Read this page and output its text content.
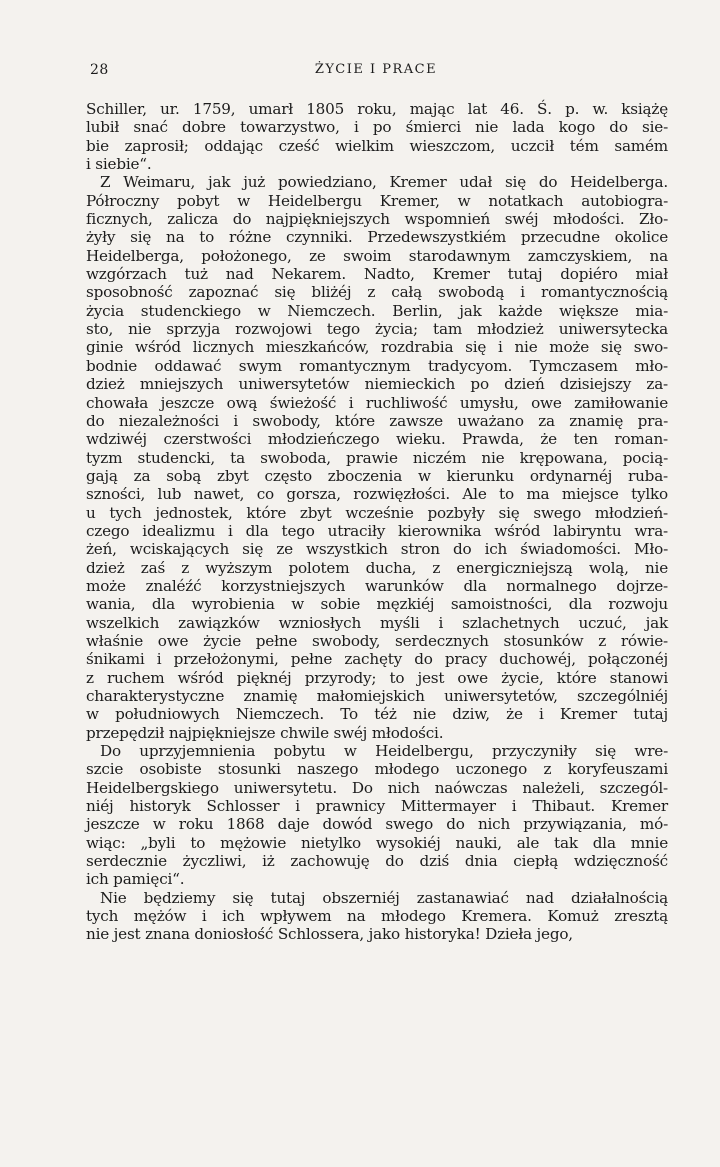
28	ŻYCIE I PRACE
Schiller, ur. 1759, umarł 1805 roku, mając lat 46. Ś. p. w. książę
lubił snać dobre towarzystwo, i po śmierci nie lada kogo do sie-
bie zaprosił; oddając cześć wielkim wieszczom, uczcił tém samém
i siebie“.
Z Weimaru, jak już powiedziano, Kremer udał się do Heidelberga.
Półroczny pobyt w Heidelbergu Kremer, w notatkach autobiogra-
ficznych, zalicza do najpiękniejszych wspomnień swéj młodości. Zło-
żyły się na to różne czynniki. Przedewszystkiém przecudne okolice
Heidelberga, położonego, ze swoim starodawnym zamczyskiem, na
wzgórzach tuż nad Nekarem. Nadto, Kremer tutaj dopiéro miał
sposobność zapoznać się bliżéj z całą swobodą i romantycznością
życia studenckiego w Niemczech. Berlin, jak każde większe mia-
sto, nie sprzyja rozwojowi tego życia; tam młodzież uniwersytecka
ginie wśród licznych mieszkańców, rozdrabia się i nie może się swo-
bodnie oddawać swym romantycznym tradycyom. Tymczasem mło-
dzież mniejszych uniwersytetów niemieckich po dzień dzisiejszy za-
chowała jeszcze ową świeżość i ruchliwość umysłu, owe zamiłowanie
do niezależności i swobody, które zawsze uważano za znamię pra-
wdziwéj czerstwości młodzieńczego wieku. Prawda, że ten roman-
tyzm studencki, ta swoboda, prawie niczém nie krępowana, pocią-
gają za sobą zbyt często zboczenia w kierunku ordynarnéj ruba-
szności, lub nawet, co gorsza, rozwięzłości. Ale to ma miejsce tylko
u tych jednostek, które zbyt wcześnie pozbyły się swego młodzień-
czego idealizmu i dla tego utraciły kierownika wśród labiryntu wra-
żeń, wciskających się ze wszystkich stron do ich świadomości. Mło-
dzież zaś z wyższym polotem ducha, z energiczniejszą wolą, nie
może znaléźć korzystniejszych warunków dla normalnego dojrze-
wania, dla wyrobienia w sobie męzkiéj samoistności, dla rozwoju
wszelkich zawiązków wzniosłych myśli i szlachetnych uczuć, jak
właśnie owe życie pełne swobody, serdecznych stosunków z rówie-
śnikami i przełożonymi, pełne zachęty do pracy duchowéj, połączonéj
z ruchem wśród pięknéj przyrody; to jest owe życie, które stanowi
charakterystyczne znamię małomiejskich uniwersytetów, szczególniéj
w południowych Niemczech. To téż nie dziw, że i Kremer tutaj
przepędził najpiękniejsze chwile swéj młodości.
Do uprzyjemnienia pobytu w Heidelbergu, przyczyniły się wre-
szcie osobiste stosunki naszego młodego uczonego z koryfeuszami
Heidelbergskiego uniwersytetu. Do nich naówczas należeli, szczegól-
niéj historyk Schlosser i prawnicy Mittermayer i Thibaut. Kremer
jeszcze w roku 1868 daje dowód swego do nich przywiązania, mó-
wiąc: „byli to mężowie nietylko wysokiéj nauki, ale tak dla mnie
serdecznie życzliwi, iż zachowuję do dziś dnia ciepłą wdzięczność
ich pamięci“.
Nie będziemy się tutaj obszerniéj zastanawiać nad działalnością
tych mężów i ich wpływem na młodego Kremera. Komuż zresztą
nie jest znana doniosłość Schlossera, jako historyka! Dzieła jego,
